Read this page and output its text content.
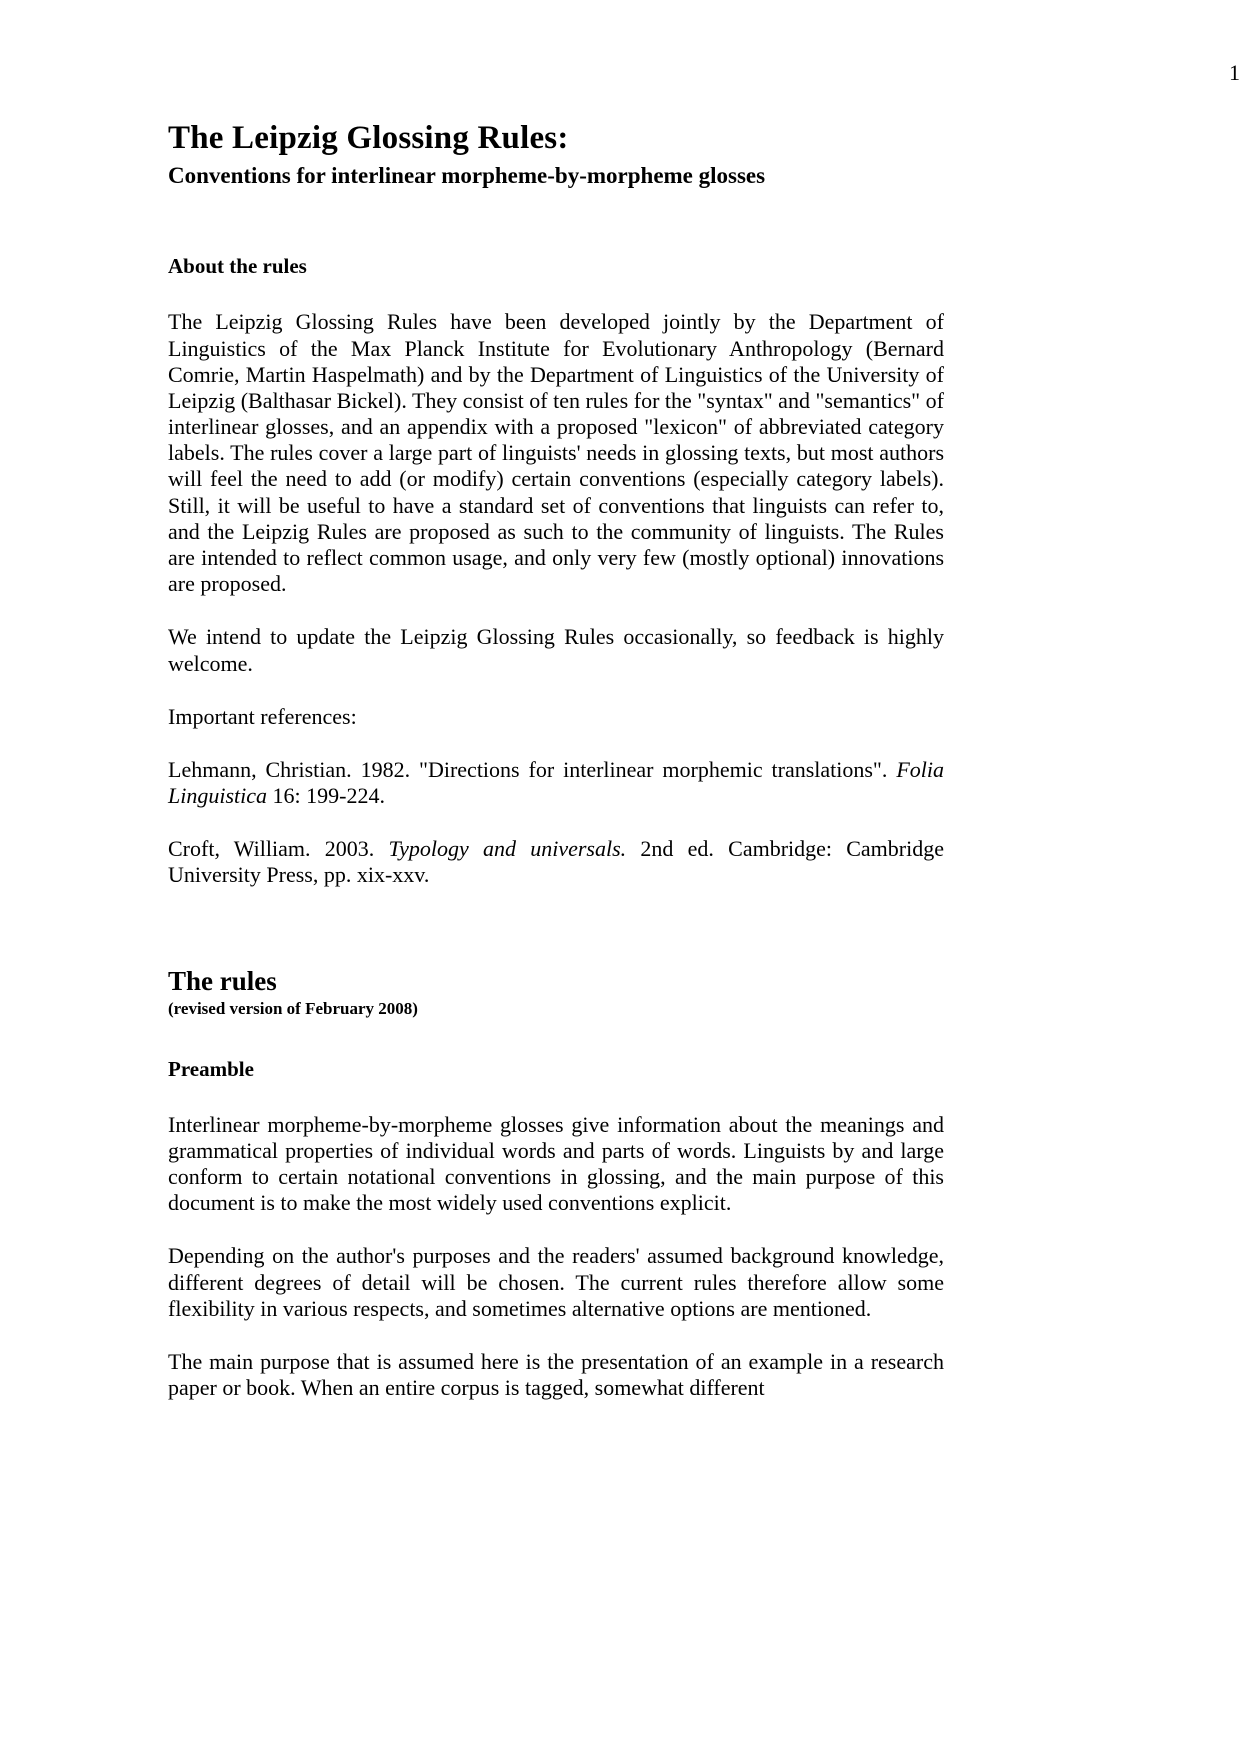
1
The Leipzig Glossing Rules:
Conventions for interlinear morpheme-by-morpheme glosses
About the rules

The Leipzig Glossing Rules have been developed jointly by the Department of Linguistics of the Max Planck Institute for Evolutionary Anthropology (Bernard Comrie, Martin Haspelmath) and by the Department of Linguistics of the University of Leipzig (Balthasar Bickel). They consist of ten rules for the "syntax" and "semantics" of interlinear glosses, and an appendix with a proposed "lexicon" of abbreviated category labels. The rules cover a large part of linguists' needs in glossing texts, but most authors will feel the need to add (or modify) certain conventions (especially category labels). Still, it will be useful to have a standard set of conventions that linguists can refer to, and the Leipzig Rules are proposed as such to the community of linguists. The Rules are intended to reflect common usage, and only very few (mostly optional) innovations are proposed.

We intend to update the Leipzig Glossing Rules occasionally, so feedback is highly welcome.

Important references:

Lehmann, Christian. 1982. "Directions for interlinear morphemic translations". Folia Linguistica 16: 199-224.

Croft, William. 2003. Typology and universals. 2nd ed. Cambridge: Cambridge University Press, pp. xix-xxv.

The rules
(revised version of February 2008)
Preamble

Interlinear morpheme-by-morpheme glosses give information about the meanings and grammatical properties of individual words and parts of words. Linguists by and large conform to certain notational conventions in glossing, and the main purpose of this document is to make the most widely used conventions explicit.

Depending on the author's purposes and the readers' assumed background knowledge, different degrees of detail will be chosen. The current rules therefore allow some flexibility in various respects, and sometimes alternative options are mentioned.

The main purpose that is assumed here is the presentation of an example in a research paper or book. When an entire corpus is tagged, somewhat different
